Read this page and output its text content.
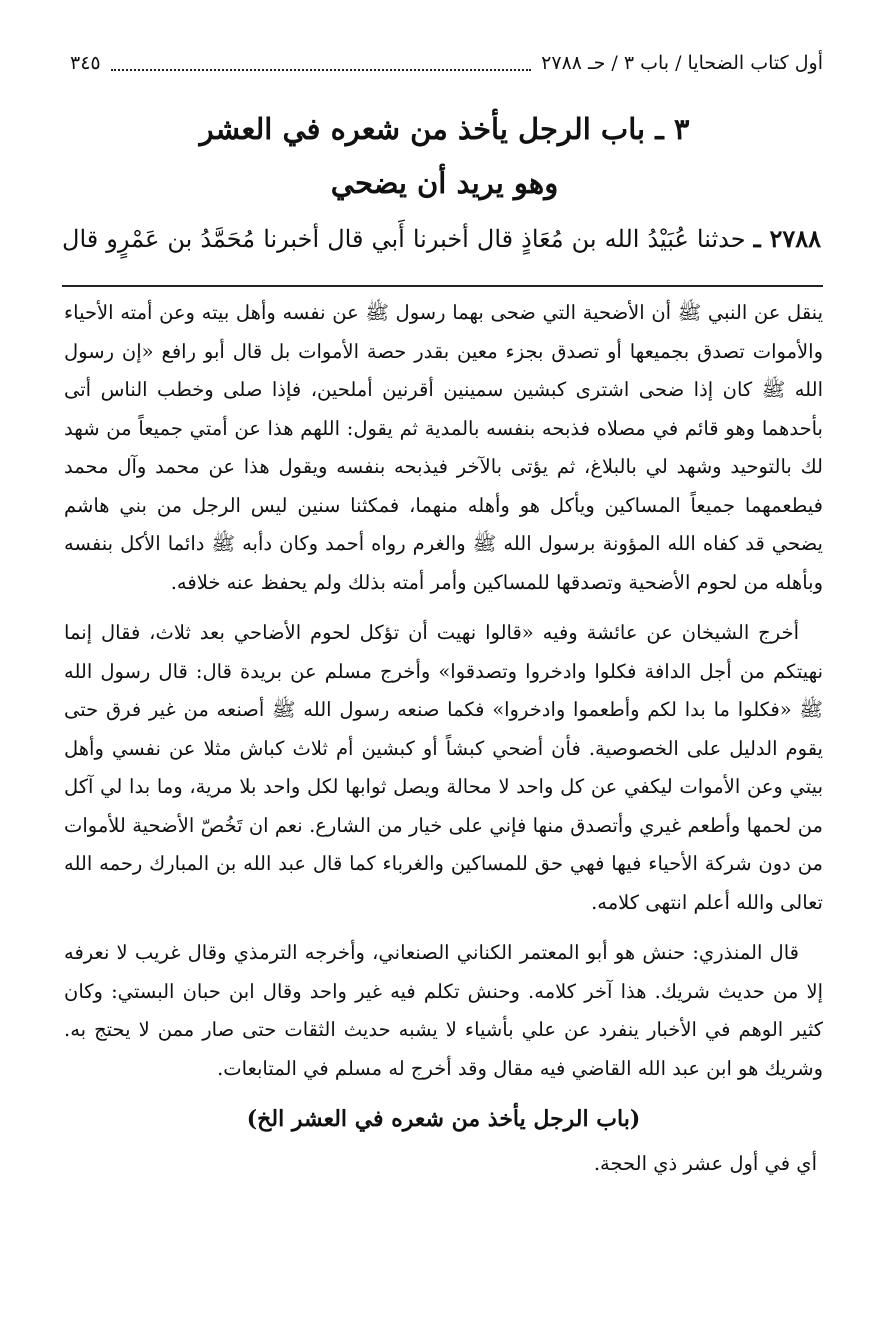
أول كتاب الضحايا / باب ٣ / حـ ٢٧٨٨
٣٤٥
٣ ـ باب الرجل يأخذ من شعره في العشر
وهو يريد أن يضحي
٢٧٨٨ ـ حدثنا عُبَيْدُ الله بن مُعَاذٍ قال أخبرنا أَبي قال أخبرنا مُحَمَّدُ بن عَمْرٍو قال

ينقل عن النبي ﷺ أن الأضحية التي ضحى بهما رسول ﷺ عن نفسه وأهل بيته وعن أمته الأحياء والأموات تصدق بجميعها أو تصدق بجزء معين بقدر حصة الأموات بل قال أبو رافع «إن رسول الله ﷺ كان إذا ضحى اشترى كبشين سمينين أقرنين أملحين، فإذا صلى وخطب الناس أتى بأحدهما وهو قائم في مصلاه فذبحه بنفسه بالمدية ثم يقول: اللهم هذا عن أمتي جميعاً من شهد لك بالتوحيد وشهد لي بالبلاغ، ثم يؤتى بالآخر فيذبحه بنفسه ويقول هذا عن محمد وآل محمد فيطعمهما جميعاً المساكين ويأكل هو وأهله منهما، فمكثنا سنين ليس الرجل من بني هاشم يضحي قد كفاه الله المؤونة برسول الله ﷺ والغرم رواه أحمد وكان دأبه ﷺ دائما الأكل بنفسه وبأهله من لحوم الأضحية وتصدقها للمساكين وأمر أمته بذلك ولم يحفظ عنه خلافه.

أخرج الشيخان عن عائشة وفيه «قالوا نهيت أن تؤكل لحوم الأضاحي بعد ثلاث، فقال إنما نهيتكم من أجل الدافة فكلوا وادخروا وتصدقوا» وأخرج مسلم عن بريدة قال: قال رسول الله ﷺ «فكلوا ما بدا لكم وأطعموا وادخروا» فكما صنعه رسول الله ﷺ أصنعه من غير فرق حتى يقوم الدليل على الخصوصية. فأن أضحي كبشاً أو كبشين أم ثلاث كباش مثلا عن نفسي وأهل بيتي وعن الأموات ليكفي عن كل واحد لا محالة ويصل ثوابها لكل واحد بلا مرية، وما بدا لي آكل من لحمها وأطعم غيري وأتصدق منها فإني على خيار من الشارع. نعم ان تَخُصّ الأضحية للأموات من دون شركة الأحياء فيها فهي حق للمساكين والغرباء كما قال عبد الله بن المبارك رحمه الله تعالى والله أعلم انتهى كلامه.

قال المنذري: حنش هو أبو المعتمر الكناني الصنعاني، وأخرجه الترمذي وقال غريب لا نعرفه إلا من حديث شريك. هذا آخر كلامه. وحنش تكلم فيه غير واحد وقال ابن حبان البستي: وكان كثير الوهم في الأخبار ينفرد عن علي بأشياء لا يشبه حديث الثقات حتى صار ممن لا يحتج به. وشريك هو ابن عبد الله القاضي فيه مقال وقد أخرج له مسلم في المتابعات.

(باب الرجل يأخذ من شعره في العشر الخ)

أي في أول عشر ذي الحجة.
